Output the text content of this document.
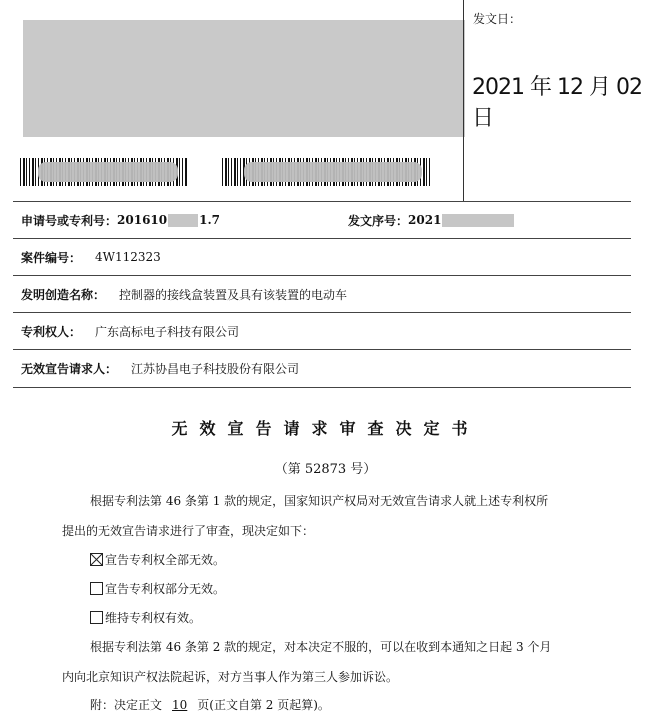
发文日：
2021 年 12 月 02 日
申请号或专利号： 201610	1.7	发文序号： 2021
案件编号： 4W112323
发明创造名称： 控制器的接线盒装置及具有该装置的电动车
专利权人： 广东高标电子科技有限公司
无效宣告请求人： 江苏协昌电子科技股份有限公司
无效宣告请求审查决定书
（第 52873 号）
根据专利法第 46 条第 1 款的规定，国家知识产权局对无效宣告请求人就上述专利权所
提出的无效宣告请求进行了审查，现决定如下：
宣告专利权全部无效。
宣告专利权部分无效。
维持专利权有效。
根据专利法第 46 条第 2 款的规定，对本决定不服的，可以在收到本通知之日起 3 个月
内向北京知识产权法院起诉，对方当事人作为第三人参加诉讼。
附：决定正文 10 页(正文自第 2 页起算)。
